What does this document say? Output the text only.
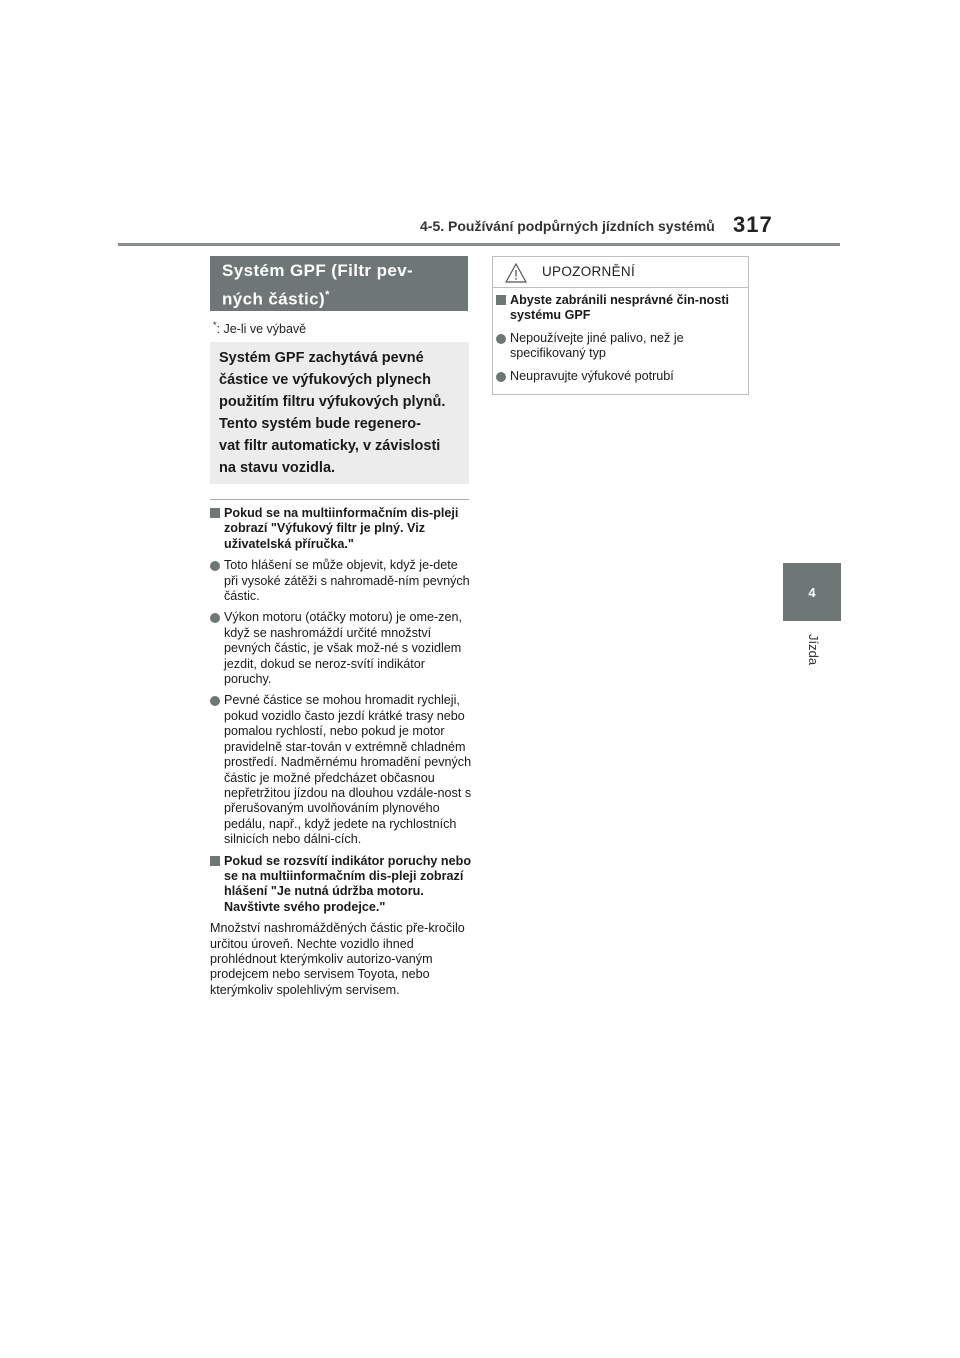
4-5. Používání podpůrných jízdních systémů 317
4
Jízda
Systém GPF (Filtr pev-
ných částic)*
*: Je-li ve výbavě
Systém GPF zachytává pevné
částice ve výfukových plynech
použitím filtru výfukových plynů.
Tento systém bude regenero-
vat filtr automaticky, v závislosti
na stavu vozidla.
Pokud se na multiinformačním dis-pleji zobrazí "Výfukový filtr je plný. Viz uživatelská příručka."
Toto hlášení se může objevit, když je-dete při vysoké zátěži s nahromadě-ním pevných částic.
Výkon motoru (otáčky motoru) je ome-zen, když se nashromáždí určité množství pevných částic, je však mož-né s vozidlem jezdit, dokud se neroz-svítí indikátor poruchy.
Pevné částice se mohou hromadit rychleji, pokud vozidlo často jezdí krátké trasy nebo pomalou rychlostí, nebo pokud je motor pravidelně star-tován v extrémně chladném prostředí. Nadměrnému hromadění pevných částic je možné předcházet občasnou nepřetržitou jízdou na dlouhou vzdále-nost s přerušovaným uvolňováním plynového pedálu, např., když jedete na rychlostních silnicích nebo dálni-cích.
Pokud se rozsvítí indikátor poruchy nebo se na multiinformačním dis-pleji zobrazí hlášení "Je nutná údržba motoru. Navštivte svého prodejce."

Množství nashromážděných částic pře-kročilo určitou úroveň. Nechte vozidlo ihned prohlédnout kterýmkoliv autorizo-vaným prodejcem nebo servisem Toyota, nebo kterýmkoliv spolehlivým servisem.

UPOZORNĚNÍ
Abyste zabránili nesprávné čin-nosti systému GPF
Nepoužívejte jiné palivo, než je specifikovaný typ
Neupravujte výfukové potrubí
